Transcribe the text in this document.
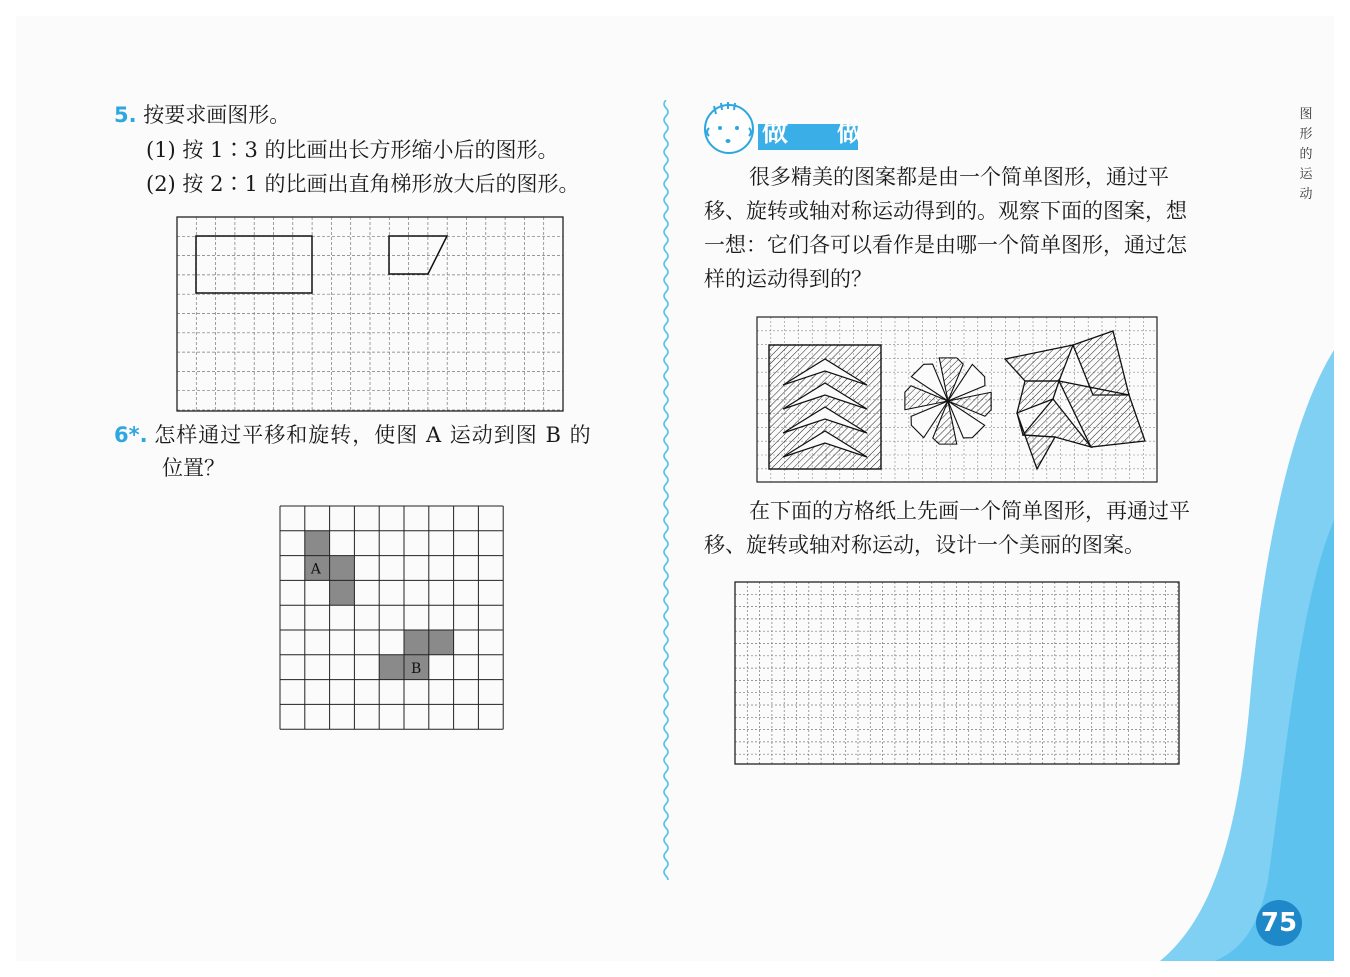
5. 按要求画图形。
(1) 按 1∶3 的比画出长方形缩小后的图形。
(2) 按 2∶1 的比画出直角梯形放大后的图形。
6*. 怎样通过平移和旋转，使图 A 运动到图 B 的
位置？
A
B
做 做
很多精美的图案都是由一个简单图形，通过平
移、旋转或轴对称运动得到的。观察下面的图案，想
一想：它们各可以看作是由哪一个简单图形，通过怎
样的运动得到的？
在下面的方格纸上先画一个简单图形，再通过平
移、旋转或轴对称运动，设计一个美丽的图案。
图形的运动
75
